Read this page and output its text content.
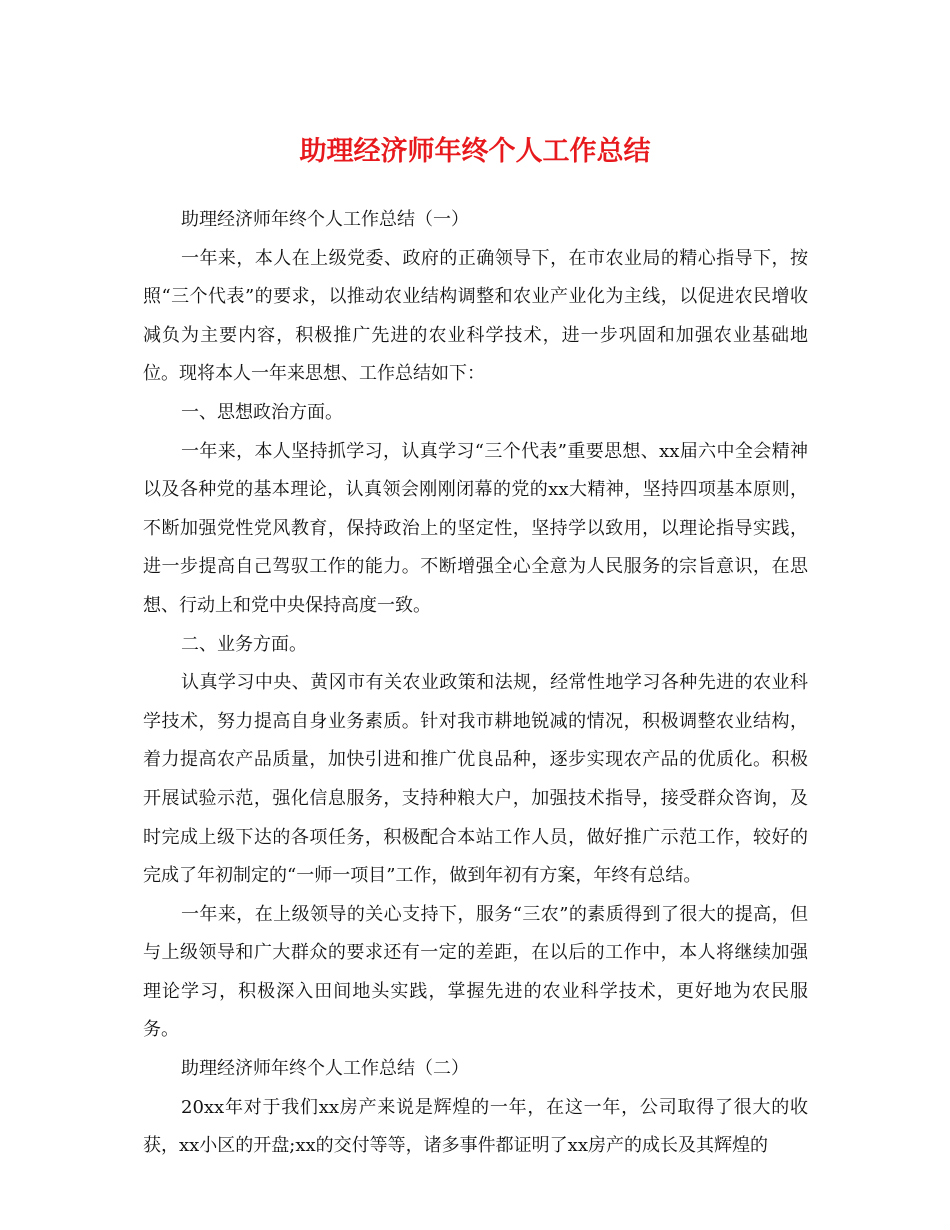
助理经济师年终个人工作总结

助理经济师年终个人工作总结（一）

一年来，本人在上级党委、政府的正确领导下，在市农业局的精心指导下，按照“三个代表”的要求，以推动农业结构调整和农业产业化为主线，以促进农民增收减负为主要内容，积极推广先进的农业科学技术，进一步巩固和加强农业基础地位。现将本人一年来思想、工作总结如下：

一、思想政治方面。

一年来，本人坚持抓学习，认真学习“三个代表”重要思想、xx届六中全会精神以及各种党的基本理论，认真领会刚刚闭幕的党的xx大精神，坚持四项基本原则，不断加强党性党风教育，保持政治上的坚定性，坚持学以致用，以理论指导实践，进一步提高自己驾驭工作的能力。不断增强全心全意为人民服务的宗旨意识，在思想、行动上和党中央保持高度一致。

二、业务方面。

认真学习中央、黄冈市有关农业政策和法规，经常性地学习各种先进的农业科学技术，努力提高自身业务素质。针对我市耕地锐减的情况，积极调整农业结构，着力提高农产品质量，加快引进和推广优良品种，逐步实现农产品的优质化。积极开展试验示范，强化信息服务，支持种粮大户，加强技术指导，接受群众咨询，及时完成上级下达的各项任务，积极配合本站工作人员，做好推广示范工作，较好的完成了年初制定的“一师一项目”工作，做到年初有方案，年终有总结。

一年来，在上级领导的关心支持下，服务“三农”的素质得到了很大的提高，但与上级领导和广大群众的要求还有一定的差距，在以后的工作中，本人将继续加强理论学习，积极深入田间地头实践，掌握先进的农业科学技术，更好地为农民服务。

助理经济师年终个人工作总结（二）

20xx年对于我们xx房产来说是辉煌的一年，在这一年，公司取得了很大的收获，xx小区的开盘;xx的交付等等，诸多事件都证明了xx房产的成长及其辉煌的
